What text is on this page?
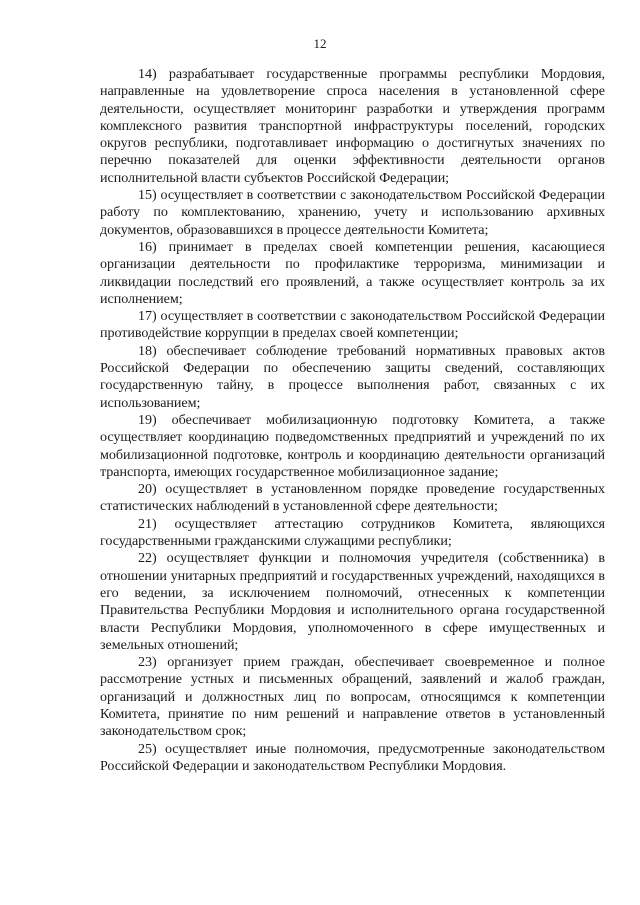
12

14) разрабатывает государственные программы республики Мордовия, направленные на удовлетворение спроса населения в установленной сфере деятельности, осуществляет мониторинг разработки и утверждения программ комплексного развития транспортной инфраструктуры поселений, городских округов республики, подготавливает информацию о достигнутых значениях по перечню показателей для оценки эффективности деятельности органов исполнительной власти субъектов Российской Федерации;

15) осуществляет в соответствии с законодательством Российской Федерации работу по комплектованию, хранению, учету и использованию архивных документов, образовавшихся в процессе деятельности Комитета;

16) принимает в пределах своей компетенции решения, касающиеся организации деятельности по профилактике терроризма, минимизации и ликвидации последствий его проявлений, а также осуществляет контроль за их исполнением;

17) осуществляет в соответствии с законодательством Российской Федерации противодействие коррупции в пределах своей компетенции;

18) обеспечивает соблюдение требований нормативных правовых актов Российской Федерации по обеспечению защиты сведений, составляющих государственную тайну, в процессе выполнения работ, связанных с их использованием;

19) обеспечивает мобилизационную подготовку Комитета, а также осуществляет координацию подведомственных предприятий и учреждений по их мобилизационной подготовке, контроль и координацию деятельности организаций транспорта, имеющих государственное мобилизационное задание;

20) осуществляет в установленном порядке проведение государственных статистических наблюдений в установленной сфере деятельности;

21) осуществляет аттестацию сотрудников Комитета, являющихся государственными гражданскими служащими республики;

22) осуществляет функции и полномочия учредителя (собственника) в отношении унитарных предприятий и государственных учреждений, находящихся в его ведении, за исключением полномочий, отнесенных к компетенции Правительства Республики Мордовия и исполнительного органа государственной власти Республики Мордовия, уполномоченного в сфере имущественных и земельных отношений;

23) организует прием граждан, обеспечивает своевременное и полное рассмотрение устных и письменных обращений, заявлений и жалоб граждан, организаций и должностных лиц по вопросам, относящимся к компетенции Комитета, принятие по ним решений и направление ответов в установленный законодательством срок;

25) осуществляет иные полномочия, предусмотренные законодательством Российской Федерации и законодательством Республики Мордовия.
